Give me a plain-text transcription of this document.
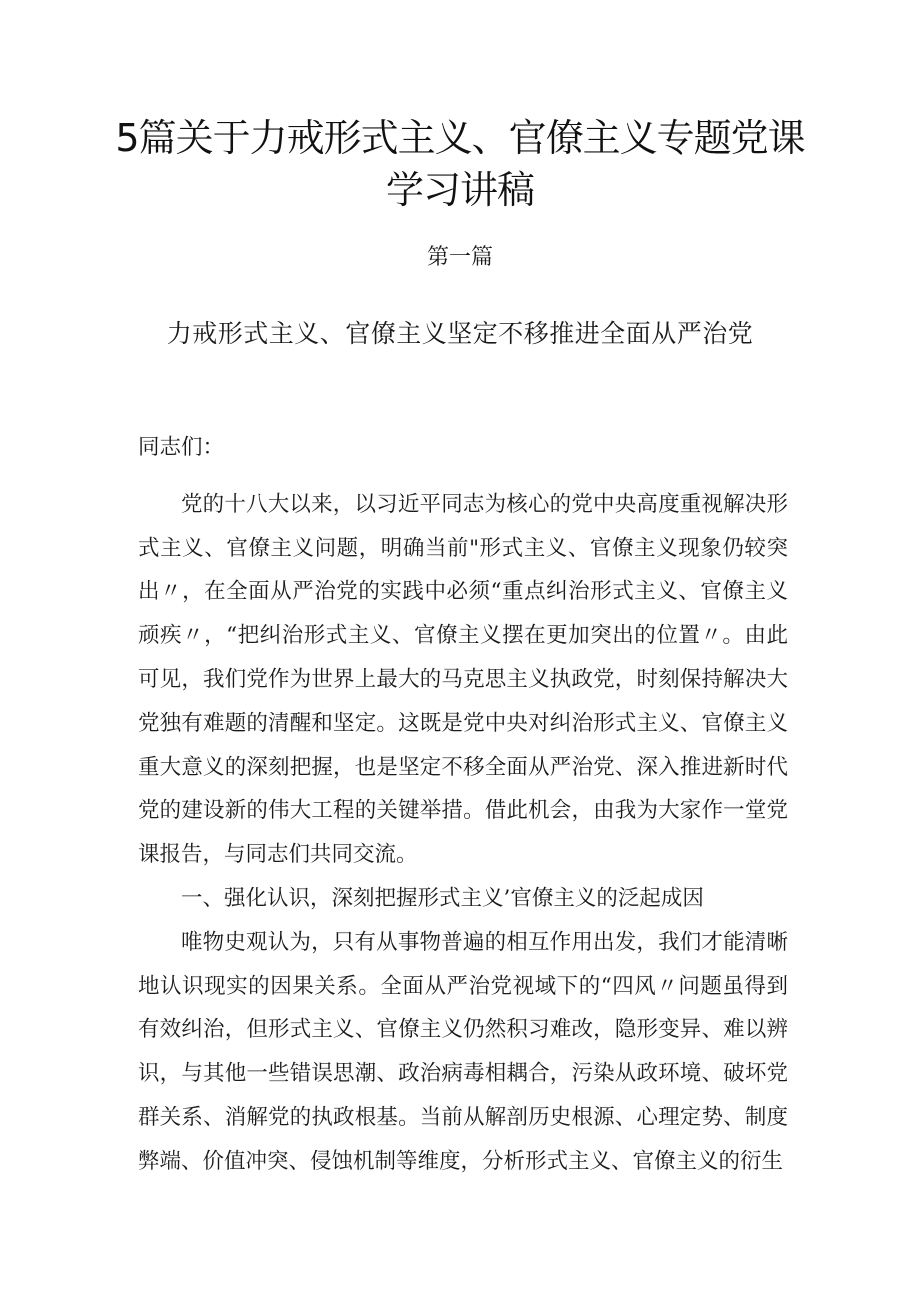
5篇关于力戒形式主义、官僚主义专题党课
学习讲稿
第一篇
力戒形式主义、官僚主义坚定不移推进全面从严治党

同志们：

党的十八大以来，以习近平同志为核心的党中央高度重视解决形式主义、官僚主义问题，明确当前"形式主义、官僚主义现象仍较突出〃，在全面从严治党的实践中必须“重点纠治形式主义、官僚主义顽疾〃，“把纠治形式主义、官僚主义摆在更加突出的位置〃。由此可见，我们党作为世界上最大的马克思主义执政党，时刻保持解决大党独有难题的清醒和坚定。这既是党中央对纠治形式主义、官僚主义重大意义的深刻把握，也是坚定不移全面从严治党、深入推进新时代党的建设新的伟大工程的关键举措。借此机会，由我为大家作一堂党课报告，与同志们共同交流。

一、强化认识，深刻把握形式主义’官僚主义的泛起成因

唯物史观认为，只有从事物普遍的相互作用出发，我们才能清晰地认识现实的因果关系。全面从严治党视域下的“四风〃问题虽得到有效纠治，但形式主义、官僚主义仍然积习难改，隐形变异、难以辨识，与其他一些错误思潮、政治病毒相耦合，污染从政环境、破坏党群关系、消解党的执政根基。当前从解剖历史根源、心理定势、制度弊端、价值冲突、侵蚀机制等维度，分析形式主义、官僚主义的衍生
